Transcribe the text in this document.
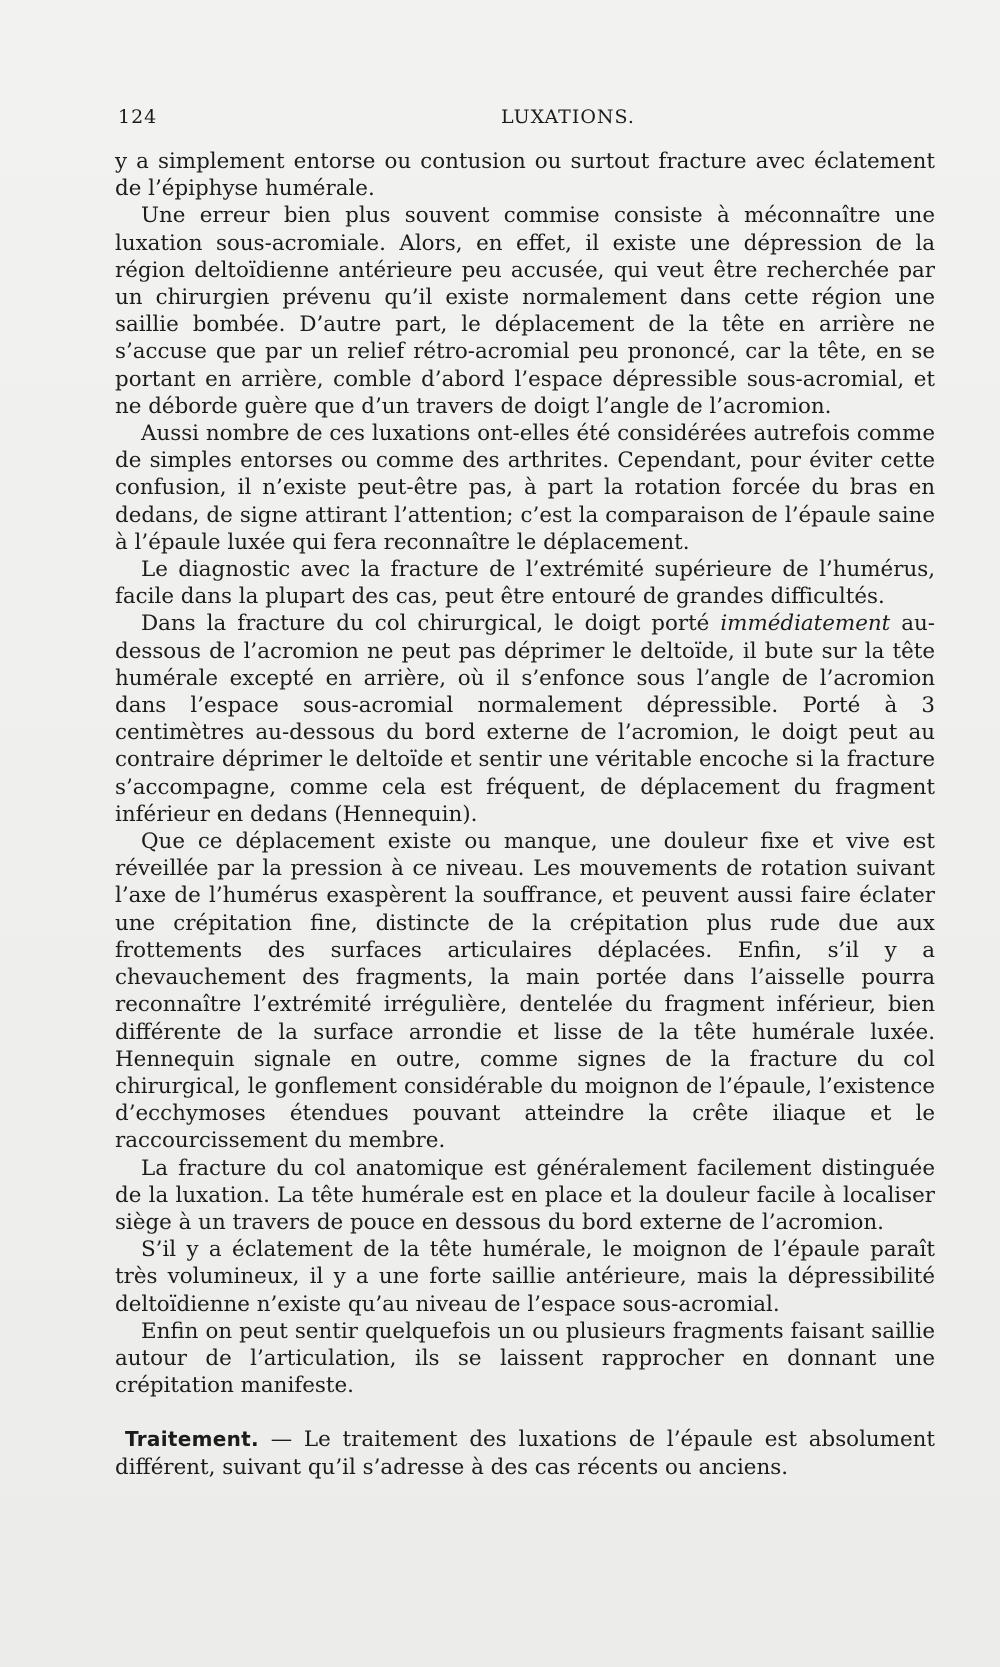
124	LUXATIONS.

y a simplement entorse ou contusion ou surtout fracture avec éclatement de l’épiphyse humérale.

Une erreur bien plus souvent commise consiste à méconnaître une luxation sous-acromiale. Alors, en effet, il existe une dépression de la région deltoïdienne antérieure peu accusée, qui veut être recherchée par un chirurgien prévenu qu’il existe normalement dans cette région une saillie bombée. D’autre part, le déplacement de la tête en arrière ne s’accuse que par un relief rétro-acromial peu prononcé, car la tête, en se portant en arrière, comble d’abord l’espace dépressible sous-acromial, et ne déborde guère que d’un travers de doigt l’angle de l’acromion.

Aussi nombre de ces luxations ont-elles été considérées autrefois comme de simples entorses ou comme des arthrites. Cependant, pour éviter cette confusion, il n’existe peut-être pas, à part la rotation forcée du bras en dedans, de signe attirant l’attention; c’est la comparaison de l’épaule saine à l’épaule luxée qui fera reconnaître le déplacement.

Le diagnostic avec la fracture de l’extrémité supérieure de l’humérus, facile dans la plupart des cas, peut être entouré de grandes difficultés.

Dans la fracture du col chirurgical, le doigt porté immédiatement au-dessous de l’acromion ne peut pas déprimer le deltoïde, il bute sur la tête humérale excepté en arrière, où il s’enfonce sous l’angle de l’acromion dans l’espace sous-acromial normalement dépressible. Porté à 3 centimètres au-dessous du bord externe de l’acromion, le doigt peut au contraire déprimer le deltoïde et sentir une véritable encoche si la fracture s’accompagne, comme cela est fréquent, de déplacement du fragment inférieur en dedans (Hennequin).

Que ce déplacement existe ou manque, une douleur fixe et vive est réveillée par la pression à ce niveau. Les mouvements de rotation suivant l’axe de l’humérus exaspèrent la souffrance, et peuvent aussi faire éclater une crépitation fine, distincte de la crépitation plus rude due aux frottements des surfaces articulaires déplacées. Enfin, s’il y a chevauchement des fragments, la main portée dans l’aisselle pourra reconnaître l’extrémité irrégulière, dentelée du fragment inférieur, bien différente de la surface arrondie et lisse de la tête humérale luxée. Hennequin signale en outre, comme signes de la fracture du col chirurgical, le gonflement considérable du moignon de l’épaule, l’existence d’ecchymoses étendues pouvant atteindre la crête iliaque et le raccourcissement du membre.

La fracture du col anatomique est généralement facilement distinguée de la luxation. La tête humérale est en place et la douleur facile à localiser siège à un travers de pouce en dessous du bord externe de l’acromion.

S’il y a éclatement de la tête humérale, le moignon de l’épaule paraît très volumineux, il y a une forte saillie antérieure, mais la dépressibilité deltoïdienne n’existe qu’au niveau de l’espace sous-acromial.

Enfin on peut sentir quelquefois un ou plusieurs fragments faisant saillie autour de l’articulation, ils se laissent rapprocher en donnant une crépitation manifeste.

Traitement. — Le traitement des luxations de l’épaule est absolument différent, suivant qu’il s’adresse à des cas récents ou anciens.
